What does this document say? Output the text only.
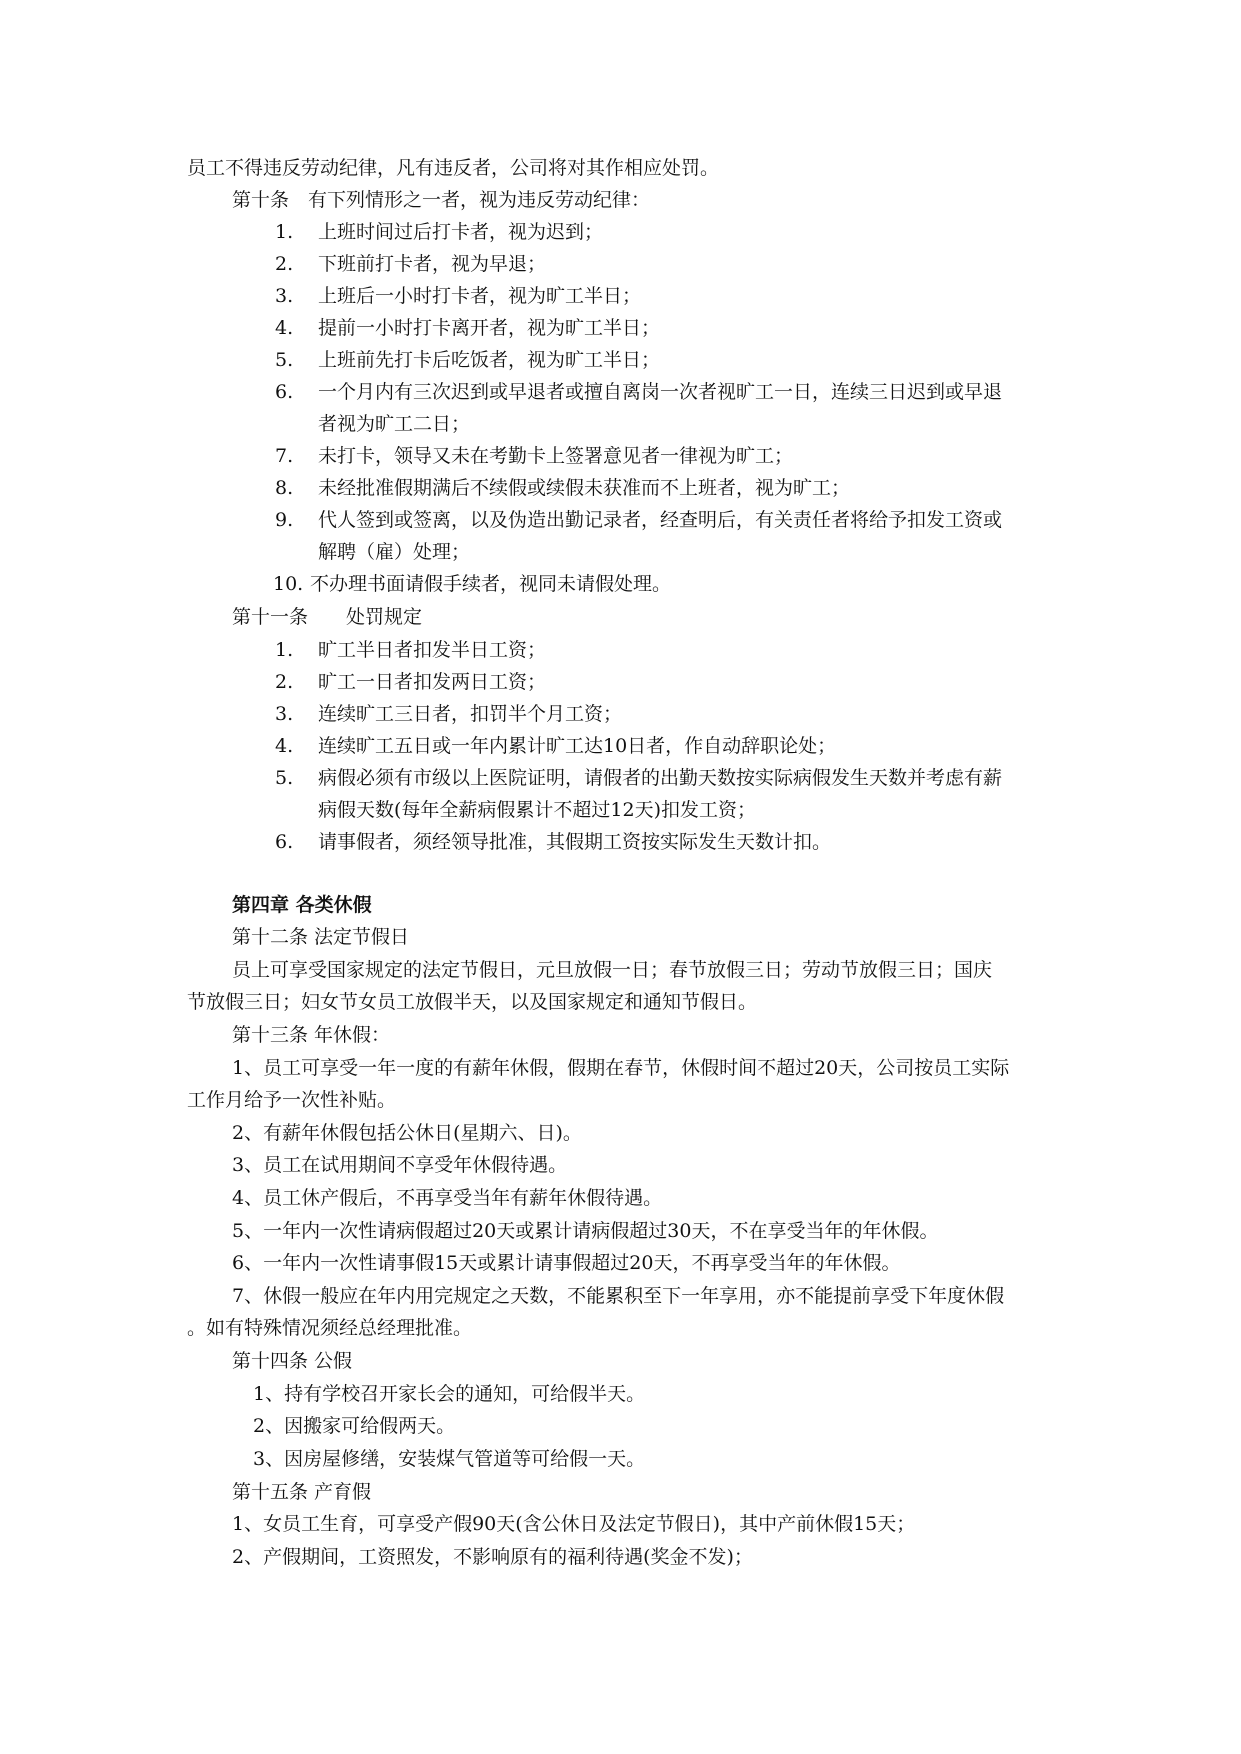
员工不得违反劳动纪律，凡有违反者，公司将对其作相应处罚。
第十条　有下列情形之一者，视为违反劳动纪律：
1. 上班时间过后打卡者，视为迟到；
2. 下班前打卡者，视为早退；
3. 上班后一小时打卡者，视为旷工半日；
4. 提前一小时打卡离开者，视为旷工半日；
5. 上班前先打卡后吃饭者，视为旷工半日；
6. 一个月内有三次迟到或早退者或擅自离岗一次者视旷工一日，连续三日迟到或早退
者视为旷工二日；
7. 未打卡，领导又未在考勤卡上签署意见者一律视为旷工；
8. 未经批准假期满后不续假或续假未获准而不上班者，视为旷工；
9. 代人签到或签离，以及伪造出勤记录者，经查明后，有关责任者将给予扣发工资或
解聘（雇）处理；
10. 不办理书面请假手续者，视同未请假处理。
第十一条　　处罚规定
1. 旷工半日者扣发半日工资；
2. 旷工一日者扣发两日工资；
3. 连续旷工三日者，扣罚半个月工资；
4. 连续旷工五日或一年内累计旷工达10日者，作自动辞职论处；
5. 病假必须有市级以上医院证明，请假者的出勤天数按实际病假发生天数并考虑有薪
病假天数(每年全薪病假累计不超过12天)扣发工资；
6. 请事假者，须经领导批准，其假期工资按实际发生天数计扣。
第四章 各类休假
第十二条 法定节假日
员上可享受国家规定的法定节假日，元旦放假一日；春节放假三日；劳动节放假三日；国庆
节放假三日；妇女节女员工放假半天，以及国家规定和通知节假日。
第十三条 年休假：
1、员工可享受一年一度的有薪年休假，假期在春节，休假时间不超过20天，公司按员工实际
工作月给予一次性补贴。
2、有薪年休假包括公休日(星期六、日)。
3、员工在试用期间不享受年休假待遇。
4、员工休产假后，不再享受当年有薪年休假待遇。
5、一年内一次性请病假超过20天或累计请病假超过30天，不在享受当年的年休假。
6、一年内一次性请事假15天或累计请事假超过20天，不再享受当年的年休假。
7、休假一般应在年内用完规定之天数，不能累积至下一年享用，亦不能提前享受下年度休假
。如有特殊情况须经总经理批准。
第十四条 公假
1、持有学校召开家长会的通知，可给假半天。
2、因搬家可给假两天。
3、因房屋修缮，安装煤气管道等可给假一天。
第十五条 产育假
1、女员工生育，可享受产假90天(含公休日及法定节假日)，其中产前休假15天；
2、产假期间，工资照发，不影响原有的福利待遇(奖金不发)；
